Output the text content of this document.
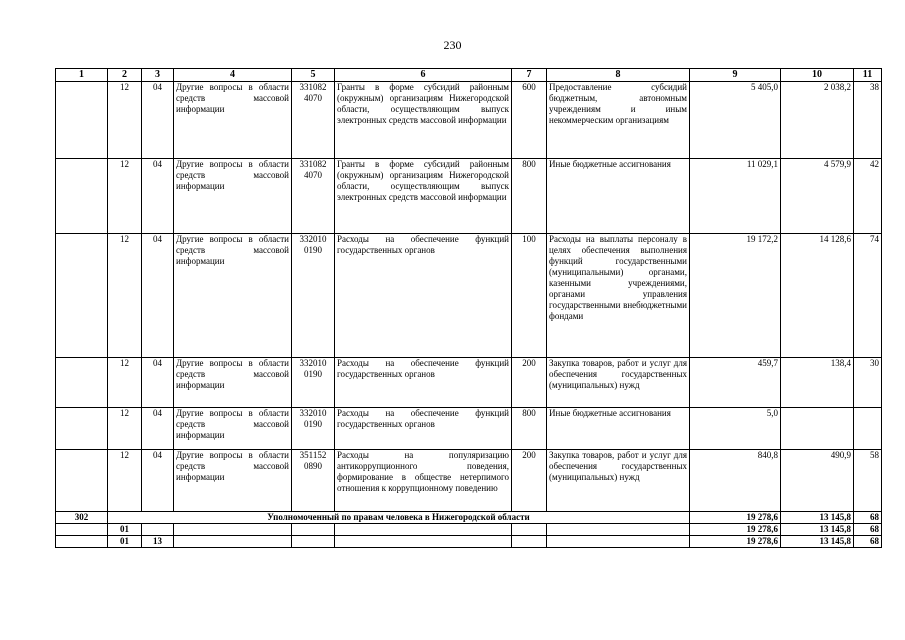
230
1	2	3	4	5	6	7	8	9	10	11
	12	04	Другие вопросы в области средств массовой информации	331082 4070	Гранты в форме субсидий районным (окружным) организациям Нижегородской области, осуществляющим выпуск электронных средств массовой информации	600	Предоставление субсидий бюджетным, автономным учреждениям и иным некоммерческим организациям	5 405,0	2 038,2	38
	12	04	Другие вопросы в области средств массовой информации	331082 4070	Гранты в форме субсидий районным (окружным) организациям Нижегородской области, осуществляющим выпуск электронных средств массовой информации	800	Иные бюджетные ассигнования	11 029,1	4 579,9	42
	12	04	Другие вопросы в области средств массовой информации	332010 0190	Расходы на обеспечение функций государственных органов	100	Расходы на выплаты персоналу в целях обеспечения выполнения функций государственными (муниципальными) органами, казенными учреждениями, органами управления государственными внебюджетными фондами	19 172,2	14 128,6	74
	12	04	Другие вопросы в области средств массовой информации	332010 0190	Расходы на обеспечение функций государственных органов	200	Закупка товаров, работ и услуг для обеспечения государственных (муниципальных) нужд	459,7	138,4	30
	12	04	Другие вопросы в области средств массовой информации	332010 0190	Расходы на обеспечение функций государственных органов	800	Иные бюджетные ассигнования	5,0		
	12	04	Другие вопросы в области средств массовой информации	351152 0890	Расходы на популяризацию антикоррупционного поведения, формирование в обществе нетерпимого отношения к коррупционному поведению	200	Закупка товаров, работ и услуг для обеспечения государственных (муниципальных) нужд	840,8	490,9	58
302	Уполномоченный по правам человека в Нижегородской области							19 278,6	13 145,8	68
	01							19 278,6	13 145,8	68
	01	13						19 278,6	13 145,8	68
